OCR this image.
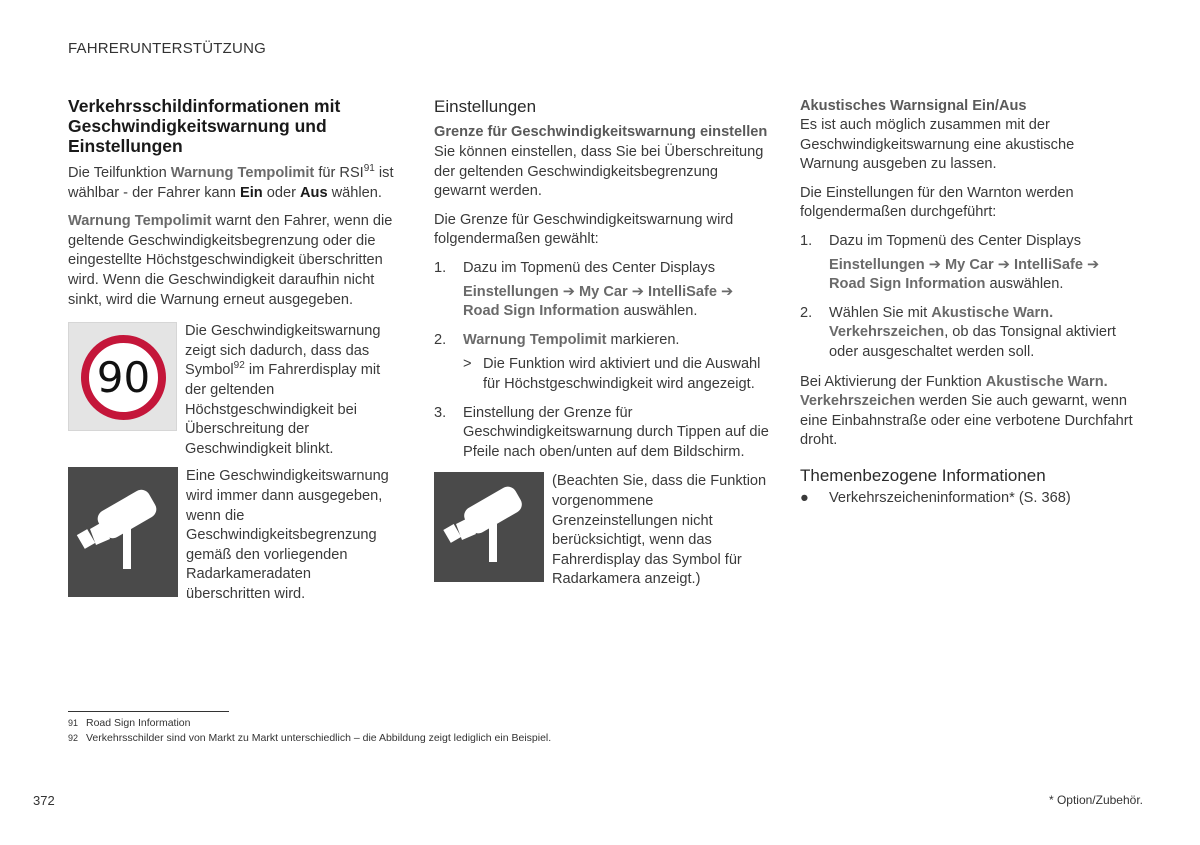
FAHRERUNTERSTÜTZUNG
Verkehrsschildinformationen mit Geschwindigkeitswarnung und Einstellungen

Die Teilfunktion Warnung Tempolimit für RSI$^{91}$ ist wählbar - der Fahrer kann Ein oder Aus wählen.

Warnung Tempolimit warnt den Fahrer, wenn die geltende Geschwindigkeitsbegrenzung oder die eingestellte Höchstgeschwindigkeit überschritten wird. Wenn die Geschwindigkeit daraufhin nicht sinkt, wird die Warnung erneut ausgegeben.

90
Die Geschwindigkeitswarnung zeigt sich dadurch, dass das Symbol$^{92}$ im Fahrerdisplay mit der geltenden Höchstgeschwindigkeit bei Überschreitung der Geschwindigkeit blinkt.
Eine Geschwindigkeitswarnung wird immer dann ausgegeben, wenn die Geschwindigkeitsbegrenzung gemäß den vorliegenden Radarkameradaten überschritten wird.
Einstellungen
Grenze für Geschwindigkeitswarnung einstellen

Sie können einstellen, dass Sie bei Überschreitung der geltenden Geschwindigkeitsbegrenzung gewarnt werden.

Die Grenze für Geschwindigkeitswarnung wird folgendermaßen gewählt:

1. Dazu im Topmenü des Center Displays
Einstellungen ➔ My Car ➔ IntelliSafe ➔ Road Sign Information auswählen.
2. Warnung Tempolimit markieren.
> Die Funktion wird aktiviert und die Auswahl für Höchstgeschwindigkeit wird angezeigt.
3. Einstellung der Grenze für Geschwindigkeitswarnung durch Tippen auf die Pfeile nach oben/unten auf dem Bildschirm.
(Beachten Sie, dass die Funktion vorgenommene Grenzeinstellungen nicht berücksichtigt, wenn das Fahrerdisplay das Symbol für Radarkamera anzeigt.)
Akustisches Warnsignal Ein/Aus

Es ist auch möglich zusammen mit der Geschwindigkeitswarnung eine akustische Warnung ausgeben zu lassen.

Die Einstellungen für den Warnton werden folgendermaßen durchgeführt:

1. Dazu im Topmenü des Center Displays
Einstellungen ➔ My Car ➔ IntelliSafe ➔ Road Sign Information auswählen.
2. Wählen Sie mit Akustische Warn. Verkehrszeichen, ob das Tonsignal aktiviert oder ausgeschaltet werden soll.

Bei Aktivierung der Funktion Akustische Warn. Verkehrszeichen werden Sie auch gewarnt, wenn eine Einbahnstraße oder eine verbotene Durchfahrt droht.

Themenbezogene Informationen
● Verkehrszeicheninformation* (S. 368)
91 Road Sign Information
92 Verkehrsschilder sind von Markt zu Markt unterschiedlich – die Abbildung zeigt lediglich ein Beispiel.
372	* Option/Zubehör.
